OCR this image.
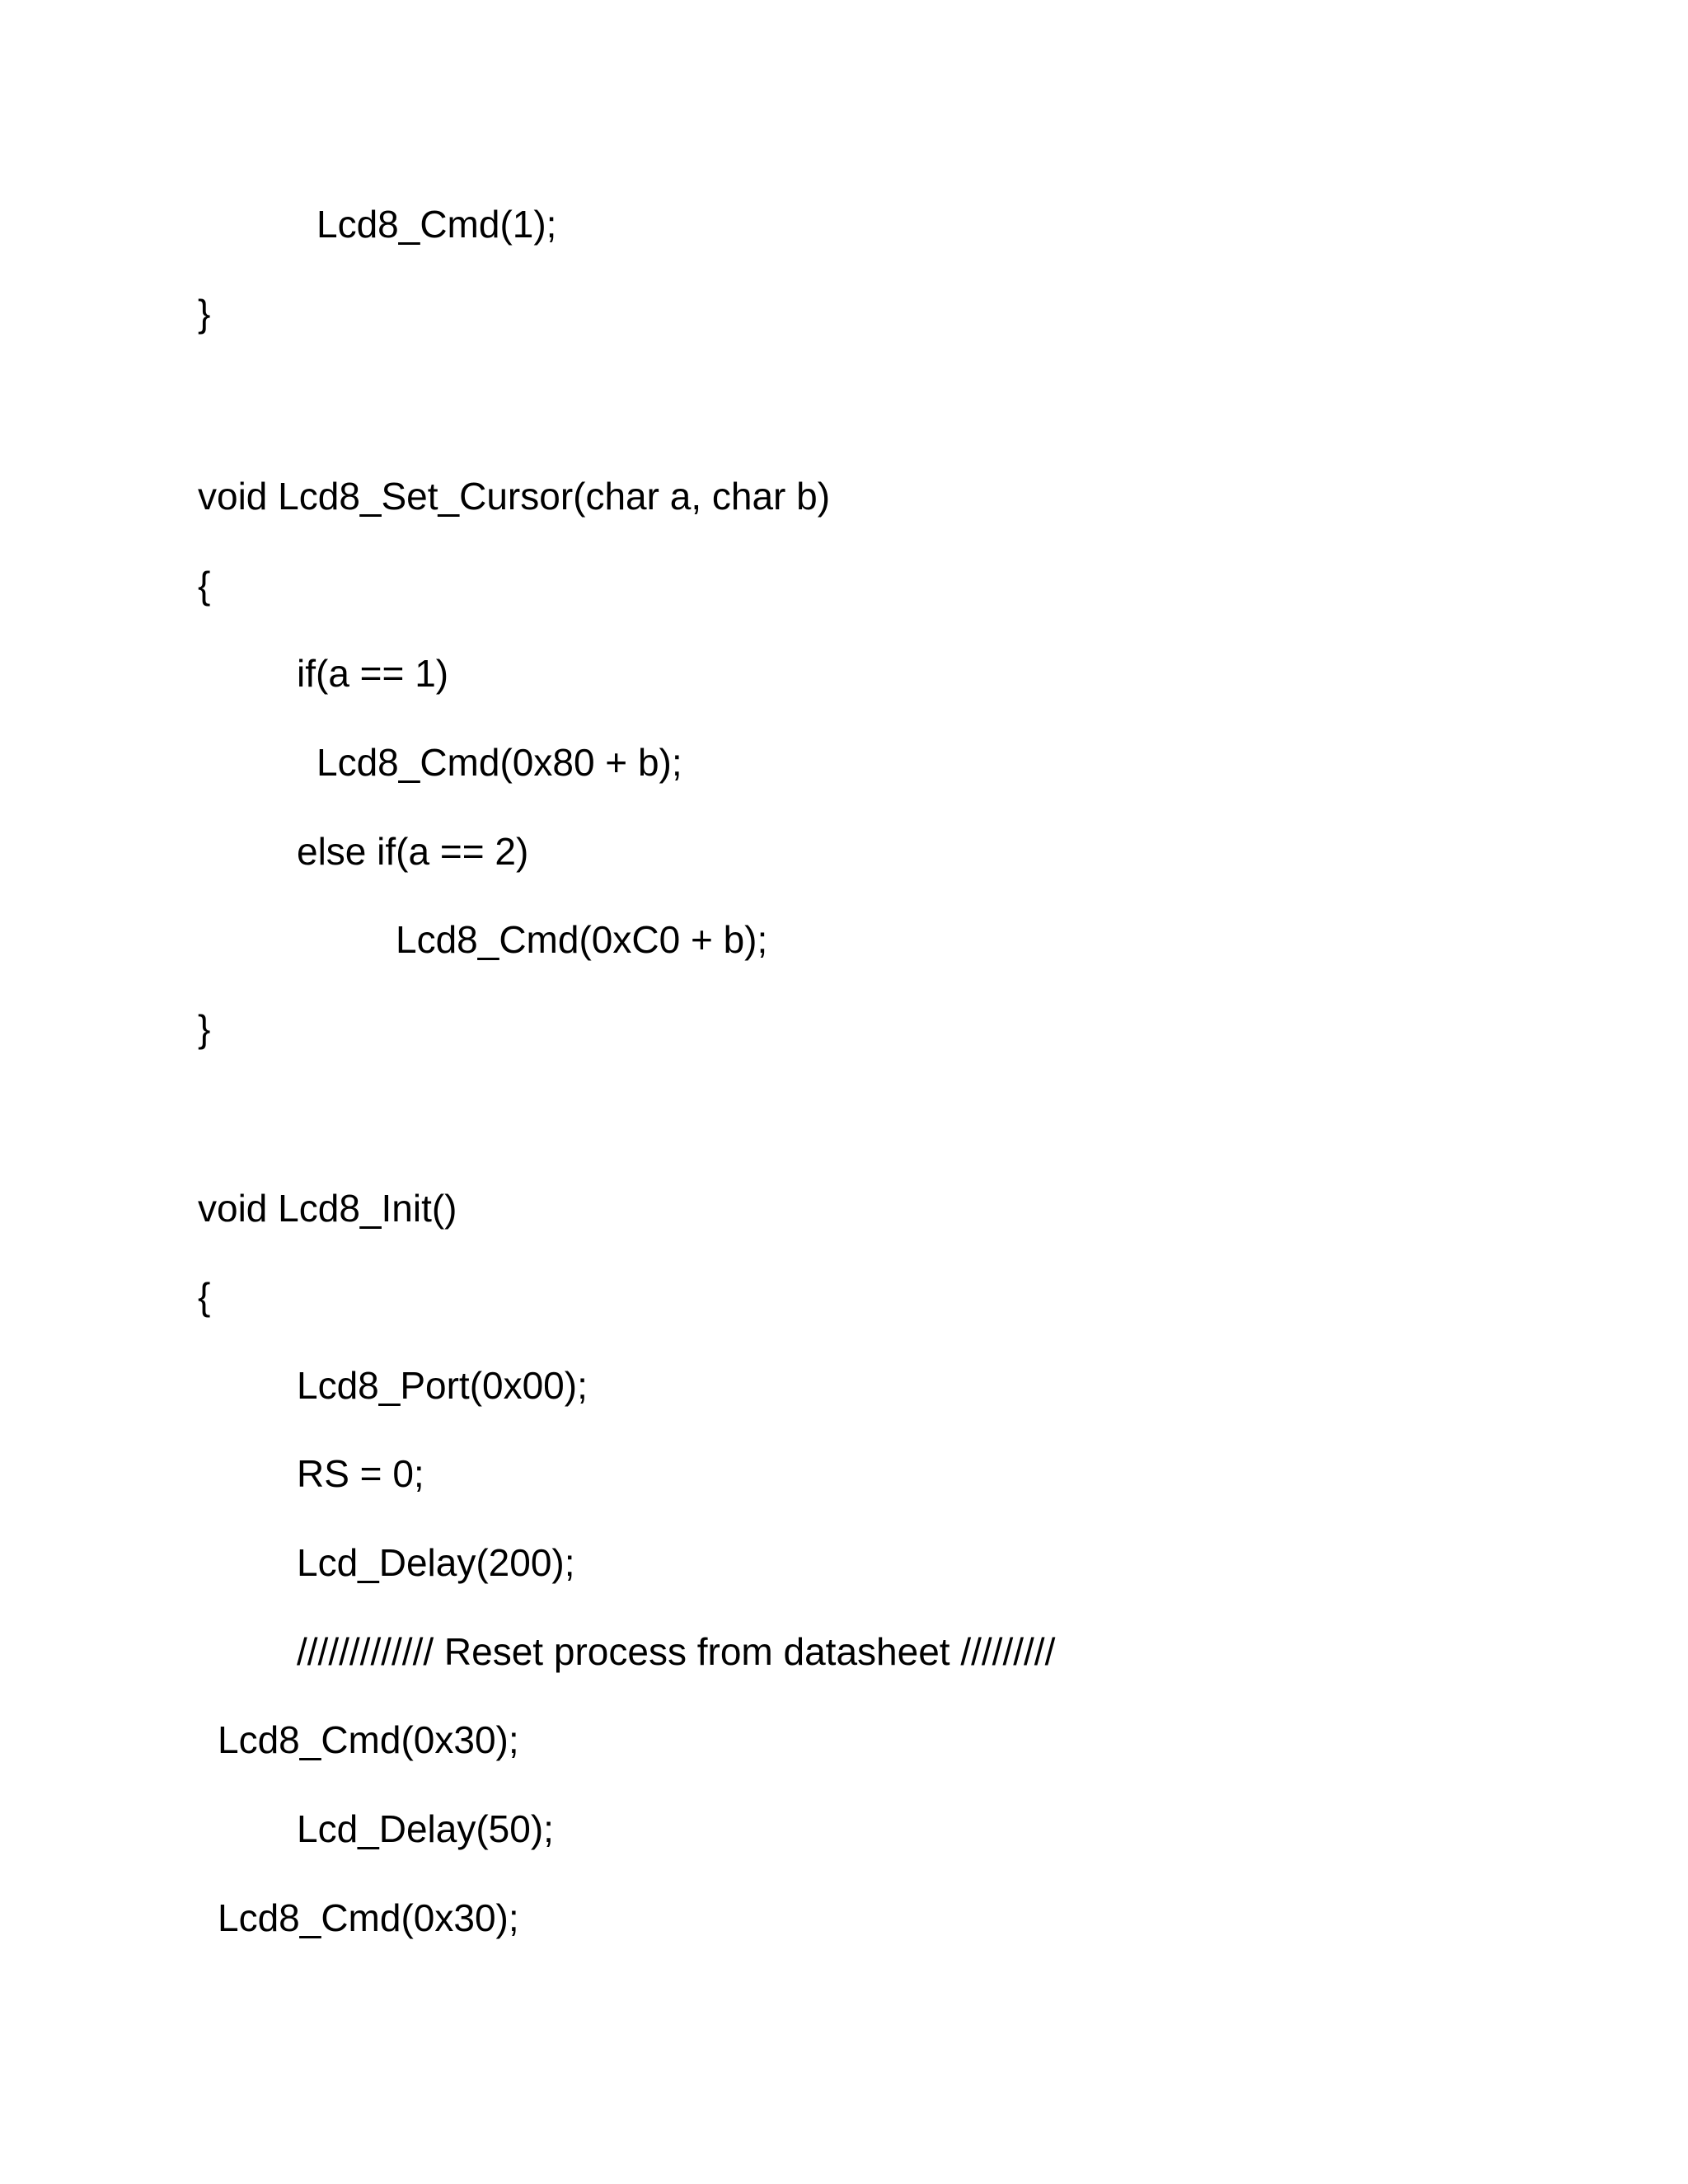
Lcd8_Cmd(1);

}

void Lcd8_Set_Cursor(char a, char b)

{

if(a == 1)

Lcd8_Cmd(0x80 + b);

else if(a == 2)

Lcd8_Cmd(0xC0 + b);

}

void Lcd8_Init()

{

Lcd8_Port(0x00);

RS = 0;

Lcd_Delay(200);

///////////// Reset process from datasheet /////////

Lcd8_Cmd(0x30);

Lcd_Delay(50);

Lcd8_Cmd(0x30);
